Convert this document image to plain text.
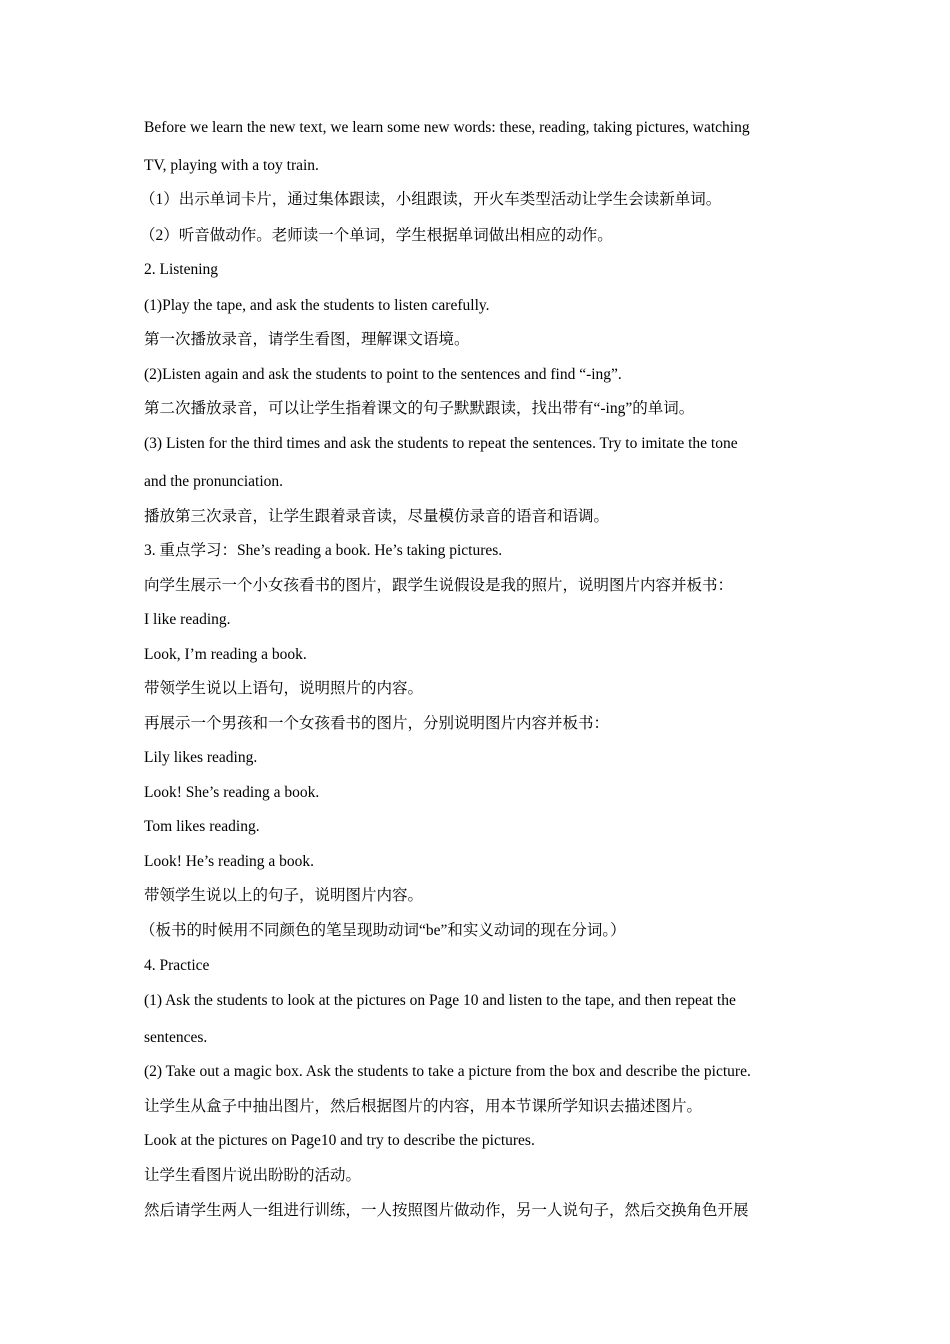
Before we learn the new text, we learn some new words: these, reading, taking pictures, watching

TV, playing with a toy train.

（1）出示单词卡片，通过集体跟读，小组跟读，开火车类型活动让学生会读新单词。

（2）听音做动作。老师读一个单词，学生根据单词做出相应的动作。

2. Listening

(1)Play the tape, and ask the students to listen carefully.

第一次播放录音，请学生看图，理解课文语境。

(2)Listen again and ask the students to point to the sentences and find “-ing”.

第二次播放录音，可以让学生指着课文的句子默默跟读，找出带有“-ing”的单词。

(3) Listen for the third times and ask the students to repeat the sentences. Try to imitate the tone

and the pronunciation.

播放第三次录音，让学生跟着录音读，尽量模仿录音的语音和语调。

3. 重点学习：She’s reading a book. He’s taking pictures.

向学生展示一个小女孩看书的图片，跟学生说假设是我的照片，说明图片内容并板书：

I like reading.

Look, I’m reading a book.

带领学生说以上语句，说明照片的内容。

再展示一个男孩和一个女孩看书的图片，分别说明图片内容并板书：

Lily likes reading.

Look! She’s reading a book.

Tom likes reading.

Look! He’s reading a book.

带领学生说以上的句子，说明图片内容。

（板书的时候用不同颜色的笔呈现助动词“be”和实义动词的现在分词。）

4. Practice

(1) Ask the students to look at the pictures on Page 10 and listen to the tape, and then repeat the

sentences.

(2) Take out a magic box. Ask the students to take a picture from the box and describe the picture.

让学生从盒子中抽出图片，然后根据图片的内容，用本节课所学知识去描述图片。

Look at the pictures on Page10 and try to describe the pictures.

让学生看图片说出盼盼的活动。

然后请学生两人一组进行训练，一人按照图片做动作，另一人说句子，然后交换角色开展
